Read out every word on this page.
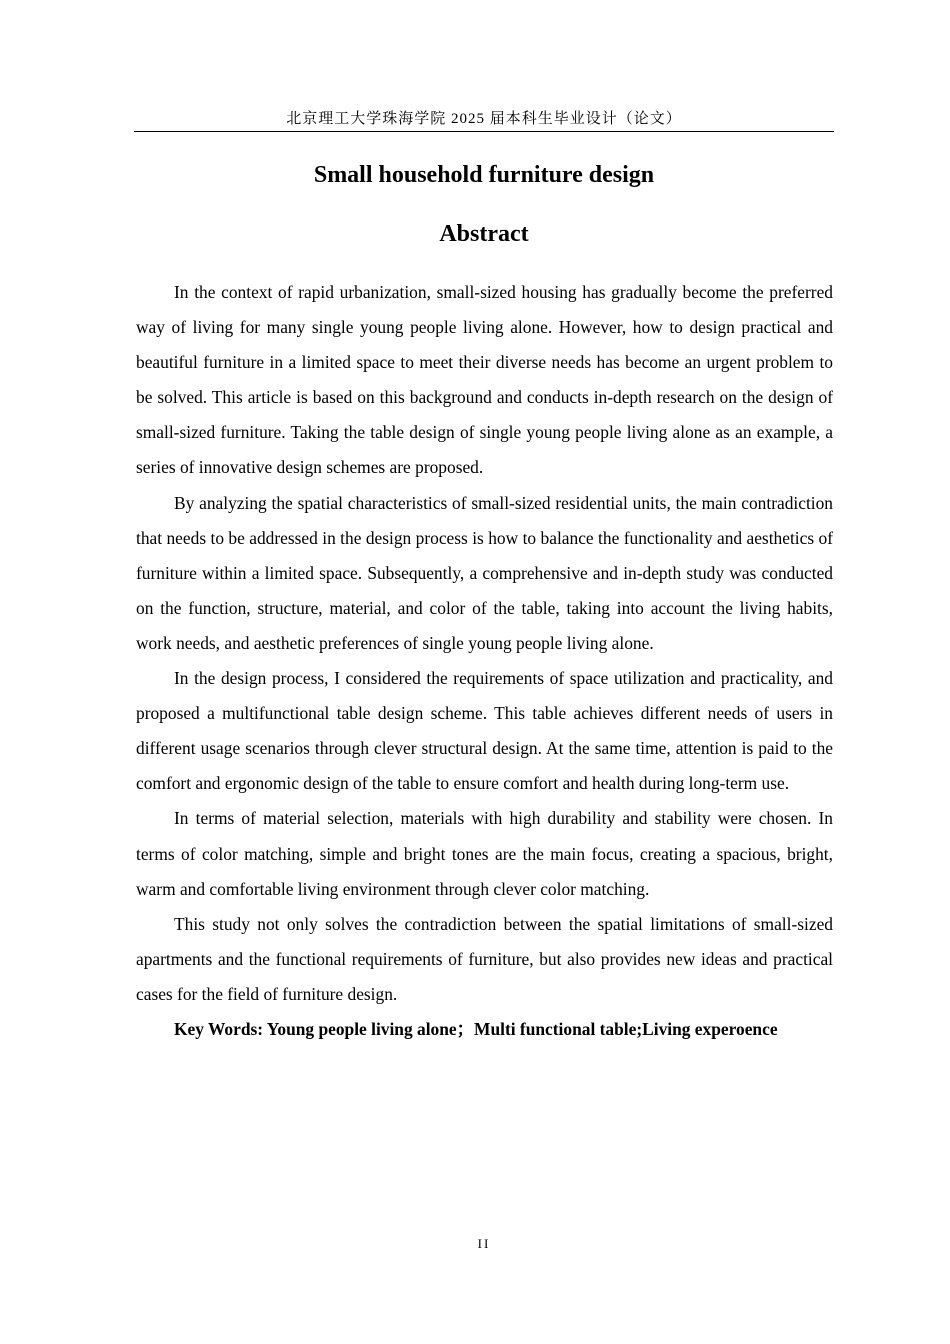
北京理工大学珠海学院 2025 届本科生毕业设计（论文）
Small household furniture design
Abstract

In the context of rapid urbanization, small-sized housing has gradually become the preferred way of living for many single young people living alone. However, how to design practical and beautiful furniture in a limited space to meet their diverse needs has become an urgent problem to be solved. This article is based on this background and conducts in-depth research on the design of small-sized furniture. Taking the table design of single young people living alone as an example, a series of innovative design schemes are proposed.

By analyzing the spatial characteristics of small-sized residential units, the main contradiction that needs to be addressed in the design process is how to balance the functionality and aesthetics of furniture within a limited space. Subsequently, a comprehensive and in-depth study was conducted on the function, structure, material, and color of the table, taking into account the living habits, work needs, and aesthetic preferences of single young people living alone.

In the design process, I considered the requirements of space utilization and practicality, and proposed a multifunctional table design scheme. This table achieves different needs of users in different usage scenarios through clever structural design. At the same time, attention is paid to the comfort and ergonomic design of the table to ensure comfort and health during long-term use.

In terms of material selection, materials with high durability and stability were chosen. In terms of color matching, simple and bright tones are the main focus, creating a spacious, bright, warm and comfortable living environment through clever color matching.

This study not only solves the contradiction between the spatial limitations of small-sized apartments and the functional requirements of furniture, but also provides new ideas and practical cases for the field of furniture design.

Key Words: Young people living alone；Multi functional table;Living experoence

II
